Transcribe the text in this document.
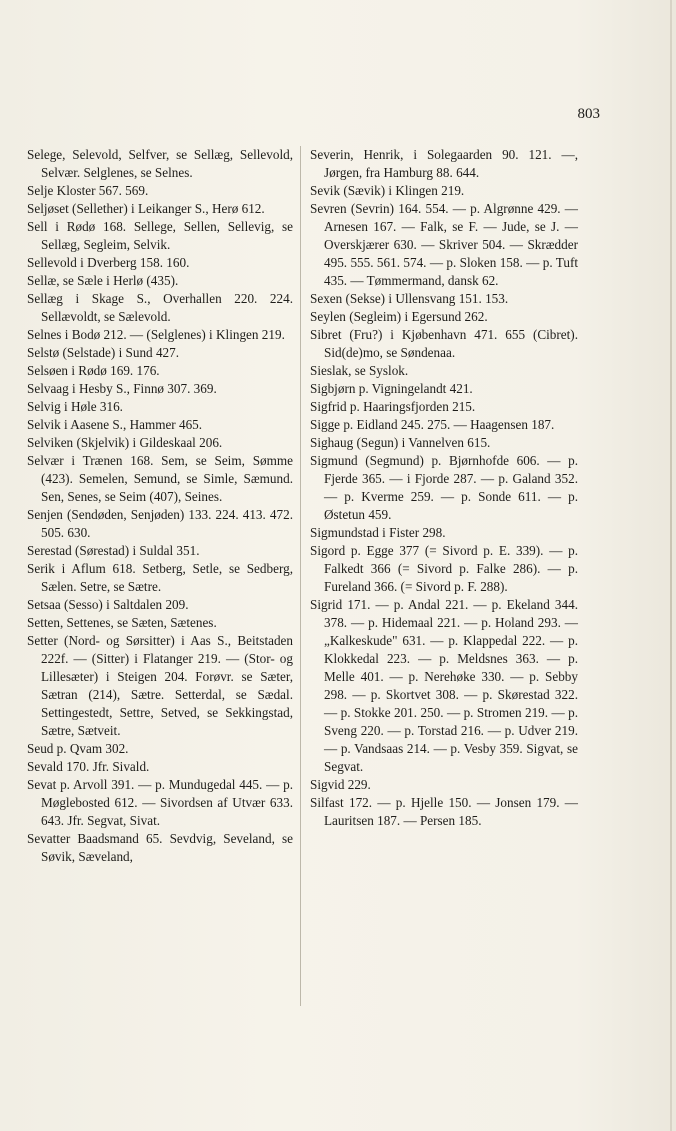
803

Selege, Selevold, Selfver, se Sellæg, Sellevold, Selvær. Selglenes, se Selnes.

Selje Kloster 567. 569.

Seljøset (Sellether) i Leikanger S., Herø 612.

Sell i Rødø 168. Sellege, Sellen, Sellevig, se Sellæg, Segleim, Selvik.

Sellevold i Dverberg 158. 160.

Sellæ, se Sæle i Herlø (435).

Sellæg i Skage S., Overhallen 220. 224. Sellævoldt, se Sælevold.

Selnes i Bodø 212. — (Selglenes) i Klingen 219.

Selstø (Selstade) i Sund 427.

Selsøen i Rødø 169. 176.

Selvaag i Hesby S., Finnø 307. 369.

Selvig i Høle 316.

Selvik i Aasene S., Hammer 465.

Selviken (Skjelvik) i Gildeskaal 206.

Selvær i Trænen 168. Sem, se Seim, Sømme (423). Semelen, Semund, se Simle, Sæmund. Sen, Senes, se Seim (407), Seines.

Senjen (Sendøden, Senjøden) 133. 224. 413. 472. 505. 630.

Serestad (Sørestad) i Suldal 351.

Serik i Aflum 618. Setberg, Setle, se Sedberg, Sælen. Setre, se Sætre.

Setsaa (Sesso) i Saltdalen 209.

Setten, Settenes, se Sæten, Sætenes.

Setter (Nord- og Sørsitter) i Aas S., Beitstaden 222f. — (Sitter) i Flatanger 219. — (Stor- og Lillesæter) i Steigen 204. Forøvr. se Sæter, Sætran (214), Sætre. Setterdal, se Sædal. Settingestedt, Settre, Setved, se Sekkingstad, Sætre, Sætveit.

Seud p. Qvam 302.

Sevald 170. Jfr. Sivald.

Sevat p. Arvoll 391. — p. Mundugedal 445. — p. Møglebosted 612. — Sivordsen af Utvær 633. 643. Jfr. Segvat, Sivat.

Sevatter Baadsmand 65. Sevdvig, Seveland, se Søvik, Sæveland,

Severin, Henrik, i Solegaarden 90. 121. —, Jørgen, fra Hamburg 88. 644.

Sevik (Sævik) i Klingen 219.

Sevren (Sevrin) 164. 554. — p. Algrønne 429. — Arnesen 167. — Falk, se F. — Jude, se J. — Overskjærer 630. — Skriver 504. — Skrædder 495. 555. 561. 574. — p. Sloken 158. — p. Tuft 435. — Tømmermand, dansk 62.

Sexen (Sekse) i Ullensvang 151. 153.

Seylen (Segleim) i Egersund 262.

Sibret (Fru?) i Kjøbenhavn 471. 655 (Cibret). Sid(de)mo, se Søndenaa.

Sieslak, se Syslok.

Sigbjørn p. Vigningelandt 421.

Sigfrid p. Haaringsfjorden 215.

Sigge p. Eidland 245. 275. — Haagensen 187.

Sighaug (Segun) i Vannelven 615.

Sigmund (Segmund) p. Bjørnhofde 606. — p. Fjerde 365. — i Fjorde 287. — p. Galand 352. — p. Kverme 259. — p. Sonde 611. — p. Østetun 459.

Sigmundstad i Fister 298.

Sigord p. Egge 377 (= Sivord p. E. 339). — p. Falkedt 366 (= Sivord p. Falke 286). — p. Fureland 366. (= Sivord p. F. 288).

Sigrid 171. — p. Andal 221. — p. Ekeland 344. 378. — p. Hidemaal 221. — p. Holand 293. — „Kalkeskude" 631. — p. Klappedal 222. — p. Klokkedal 223. — p. Meldsnes 363. — p. Melle 401. — p. Nerehøke 330. — p. Sebby 298. — p. Skortvet 308. — p. Skørestad 322. — p. Stokke 201. 250. — p. Stromen 219. — p. Sveng 220. — p. Torstad 216. — p. Udver 219. — p. Vandsaas 214. — p. Vesby 359. Sigvat, se Segvat.

Sigvid 229.

Silfast 172. — p. Hjelle 150. — Jonsen 179. — Lauritsen 187. — Persen 185.
